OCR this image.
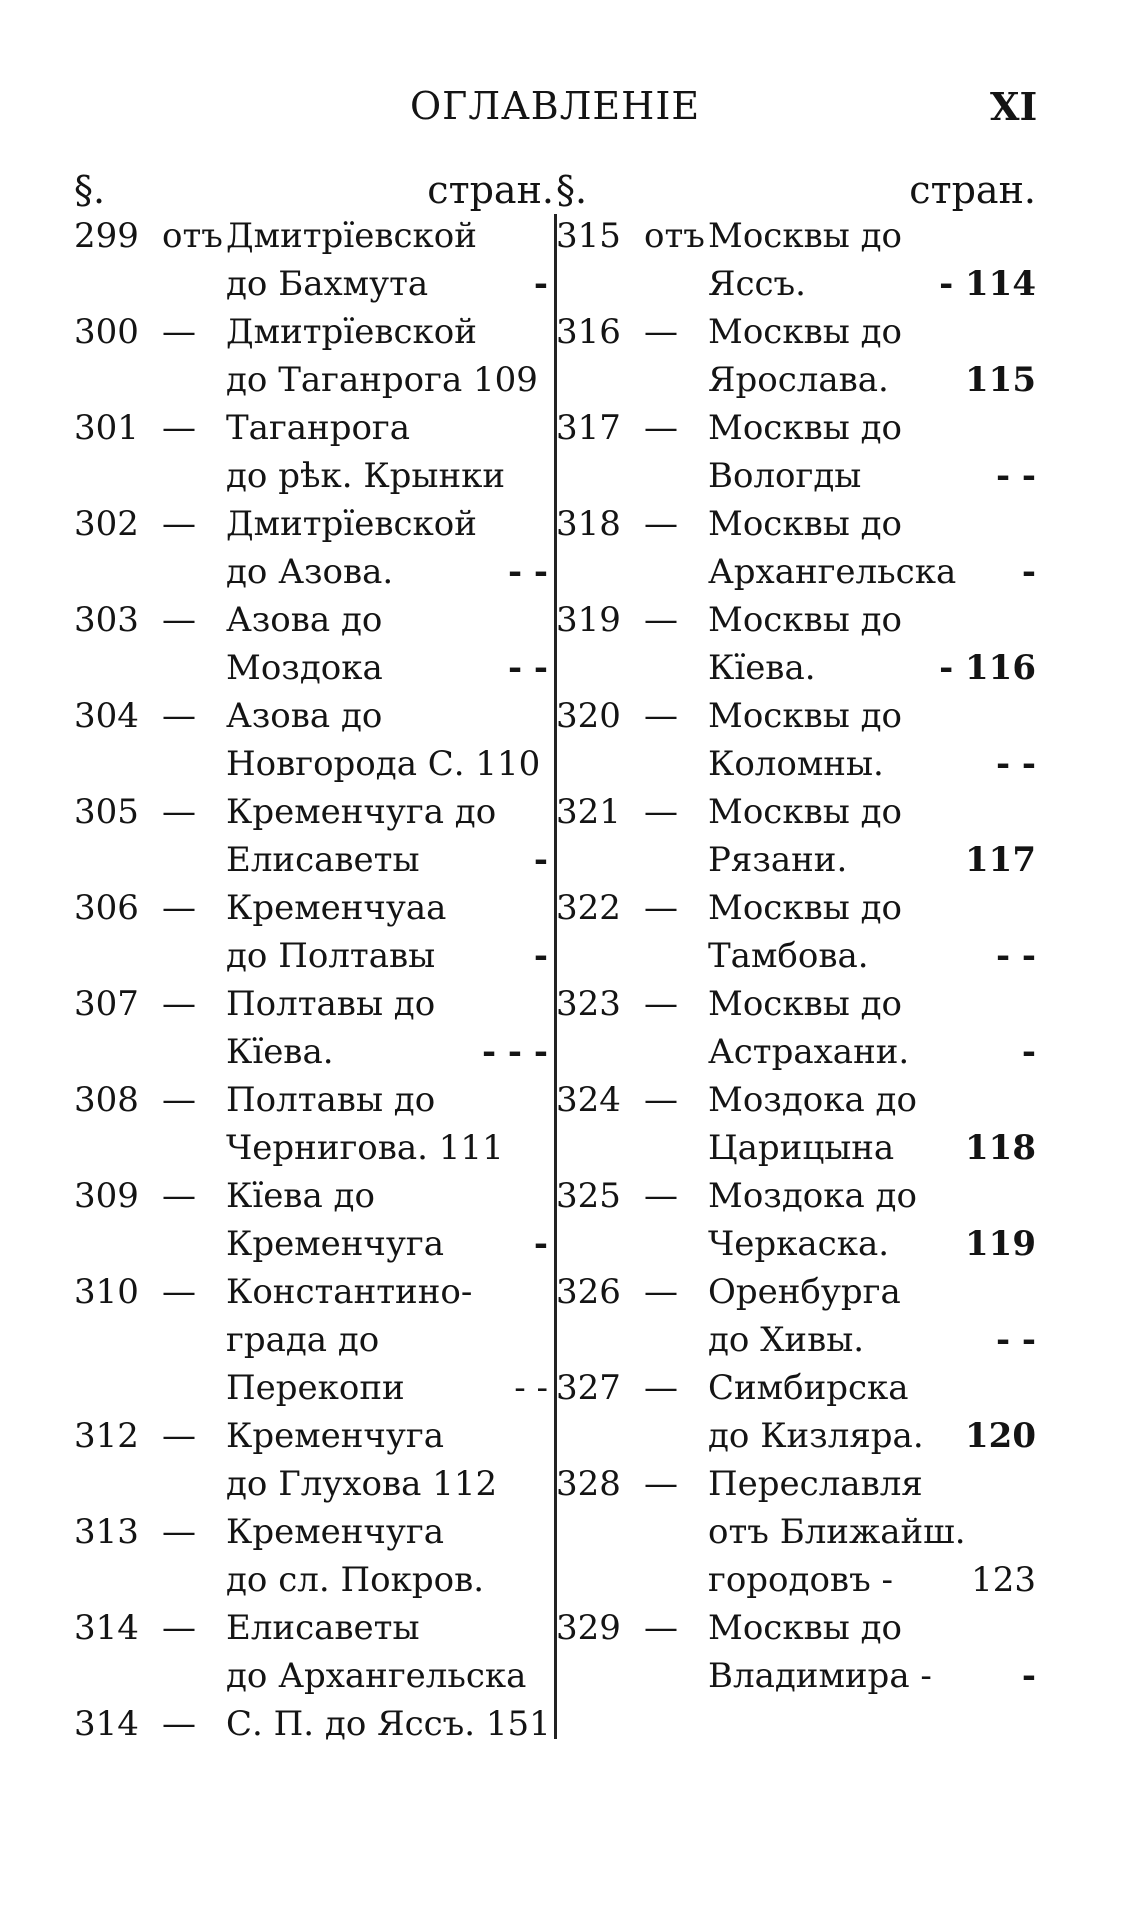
ОГЛАВЛЕНІЕ	XI
§.	стран.
299 отъ Дмитрїевской
до Бахмута	-
300 — Дмитрїевской
до Таганрога 109
301 — Таганрога
до рѣк. Крынки
302 — Дмитрїевской
до Азова.	- -
303 — Азова до
Моздока	- -
304 — Азова до
Новгорода С. 110
305 — Кременчуга до
Елисаветы	-
306 — Кременчуаа
до Полтавы	-
307 — Полтавы до
Кїева.	- - -
308 — Полтавы до
Чернигова. 111
309 — Кїева до
Кременчуга	-
310 — Константино-
града до
Перекопи	- -
312 — Кременчуга
до Глухова 112
313 — Кременчуга
до сл. Покров.
314 — Елисаветы
до Архангельска
314 — С. П. до Яссъ. 151
§.	стран.
315 отъ Москвы до
Яссъ.	- 114
316 — Москвы до
Ярослава. 115
317 — Москвы до
Вологды	- -
318 — Москвы до
Архангельска -
319 — Москвы до
Кїева.	- 116
320 — Москвы до
Коломны.	- -
321 — Москвы до
Рязани.	117
322 — Москвы до
Тамбова.	- -
323 — Москвы до
Астрахани.	-
324 — Моздока до
Царицына 118
325 — Моздока до
Черкаска. 119
326 — Оренбурга
до Хивы.	- -
327 — Симбирска
до Кизляра. 120
328 — Переславля
отъ Ближайш.
городовъ - 123
329 — Москвы до
Владимира -	-
